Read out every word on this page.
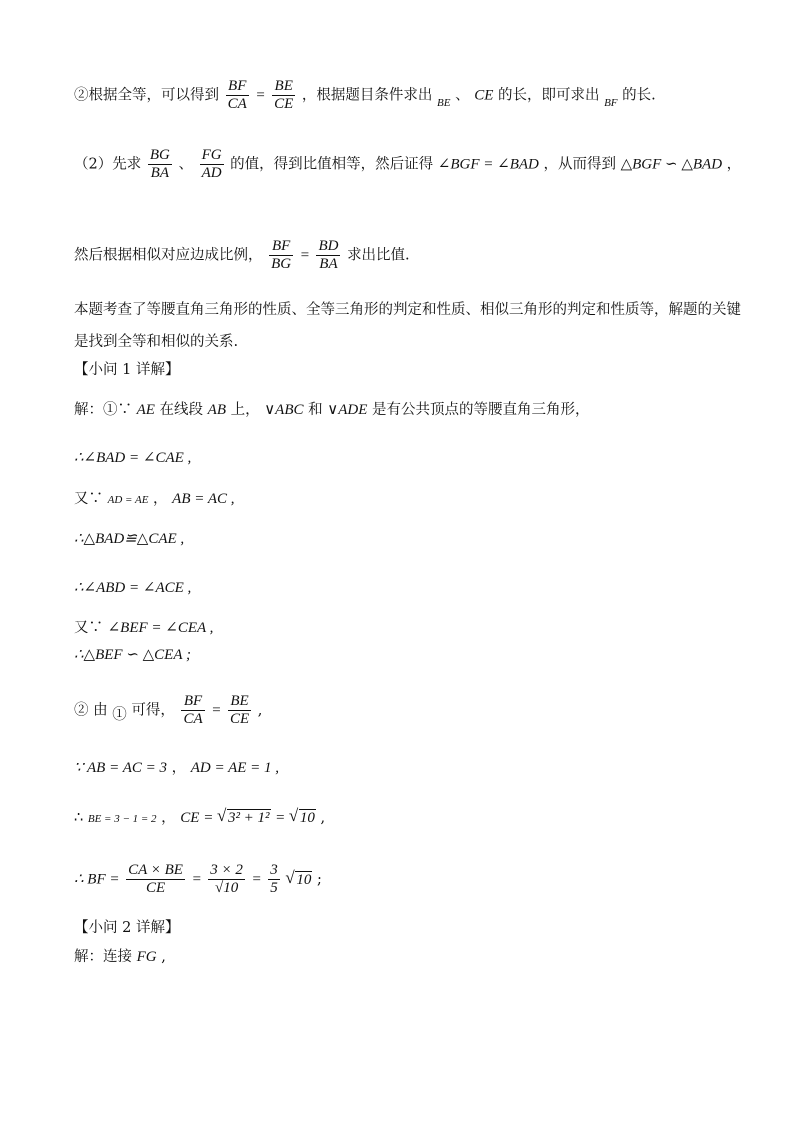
②根据全等，可以得到 $\frac{BF}{CA} = \frac{BE}{CE}$ ，根据题目条件求出 $_{BE}$ 、 CE 的长，即可求出 $_{BF}$ 的长.
（2）先求 $\frac{BG}{BA}$ 、 $\frac{FG}{AD}$ 的值，得到比值相等，然后证得 ∠BGF = ∠BAD ，从而得到 △BGF ∽ △BAD ，
然后根据相似对应边成比例， $\frac{BF}{BG} = \frac{BD}{BA}$ 求出比值.
本题考查了等腰直角三角形的性质、全等三角形的判定和性质、相似三角形的判定和性质等，解题的关键
是找到全等和相似的关系.
【小问 1 详解】
解：①∵ AE 在线段 AB 上， ∨ABC 和 ∨ADE 是有公共顶点的等腰直角三角形，
∴∠BAD = ∠CAE ,
又∵ AD = AE ， AB = AC ,
∴△BAD≌△CAE ,
∴∠ABD = ∠ACE ,
又∵ ∠BEF = ∠CEA ,
∴△BEF ∽ △CEA ;
② 由 ① 可得， $\frac{BF}{CA} = \frac{BE}{CE}$ ,
∵ AB = AC = 3 ， AD = AE = 1 ,
∴ BE = 3 − 1 = 2 ， CE = √ 3² + 1² = √ 10 ,
∴ BF = $\frac{CA \times BE}{CE} = \frac{3 \times 2}{√10} = \frac{3}{5}$ √ 10 ;
【小问 2 详解】
解：连接 FG ,
